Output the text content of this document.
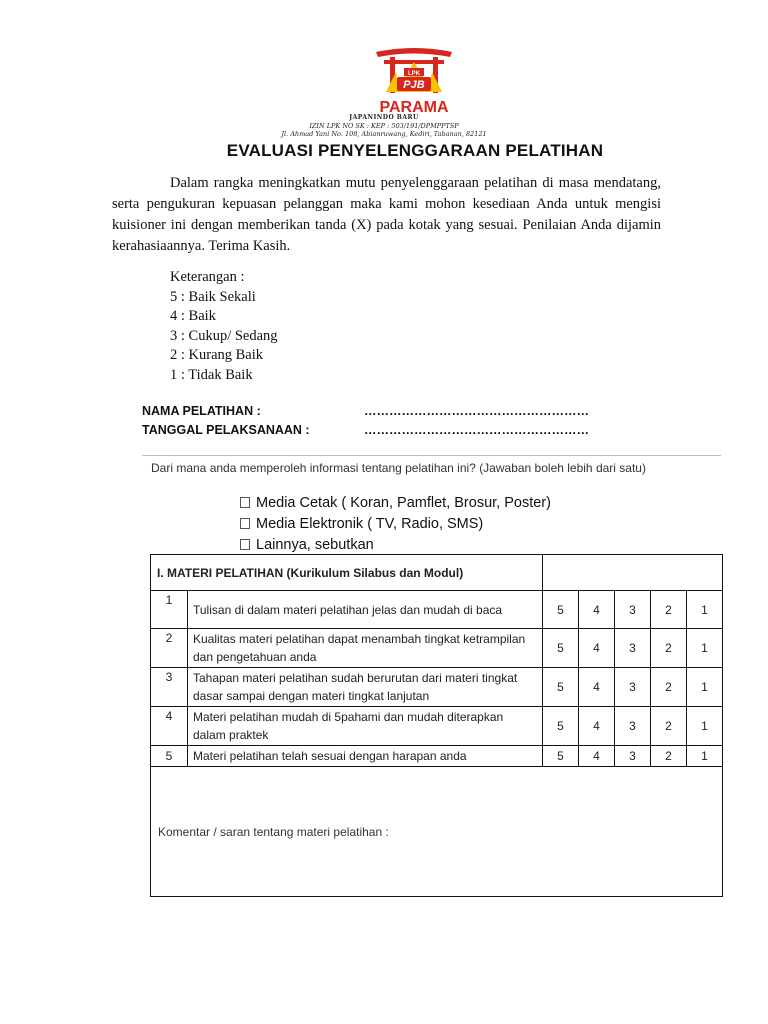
LPK
PJB
PARAMA
JAPANINDO BARU
IZIN LPK NO SK : KEP : 503/191/DPMPPTSP
Jl. Ahmad Yani No. 108, Abianruwang, Kediri, Tabanan, 82121
EVALUASI PENYELENGGARAAN PELATIHAN

Dalam rangka meningkatkan mutu penyelenggaraan pelatihan di masa mendatang, serta pengukuran kepuasan pelanggan maka kami mohon kesediaan Anda untuk mengisi kuisioner ini dengan memberikan tanda (X) pada kotak yang sesuai. Penilaian Anda dijamin kerahasiaannya. Terima Kasih.

Keterangan :
5 : Baik Sekali
4 : Baik
3 : Cukup/ Sedang
2 : Kurang Baik
1 : Tidak Baik
NAMA PELATIHAN :	………………………………………………
TANGGAL PELAKSANAAN :	………………………………………………
Dari mana anda memperoleh informasi tentang pelatihan ini? (Jawaban boleh lebih dari satu)
Media Cetak ( Koran, Pamflet, Brosur, Poster)
Media Elektronik ( TV, Radio, SMS)
Lainnya, sebutkan
I. MATERI PELATIHAN (Kurikulum Silabus dan Modul)						
1	Tulisan di dalam materi pelatihan jelas dan mudah di baca	5	4	3	2	1
2	Kualitas materi pelatihan dapat menambah tingkat ketrampilan dan pengetahuan anda	5	4	3	2	1
3	Tahapan materi pelatihan sudah berurutan dari materi tingkat dasar sampai dengan materi tingkat lanjutan	5	4	3	2	1
4	Materi pelatihan mudah di 5pahami dan mudah diterapkan dalam praktek	5	4	3	2	1
5	Materi pelatihan telah sesuai dengan harapan anda	5	4	3	2	1
Komentar / saran tentang materi pelatihan :						
